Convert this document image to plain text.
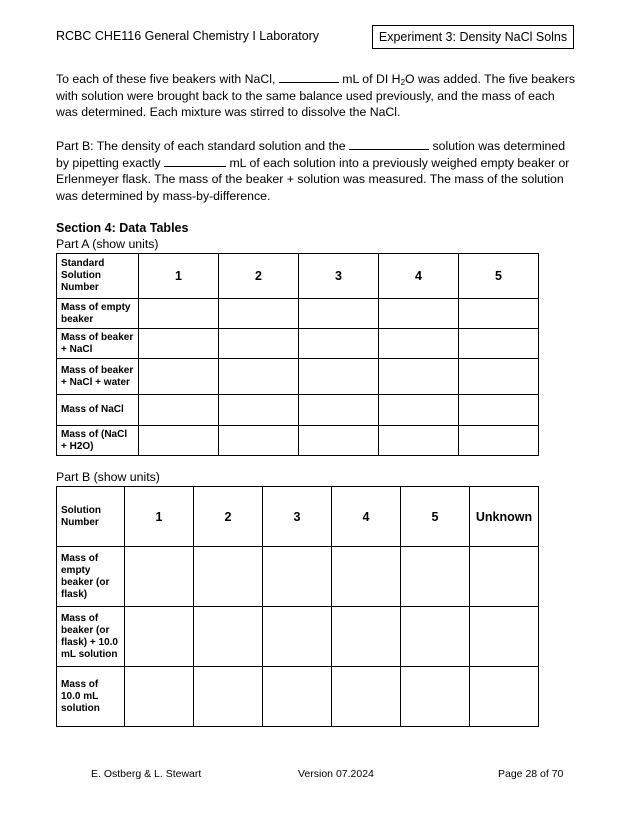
RCBC CHE116 General Chemistry I Laboratory	Experiment 3: Density NaCl Solns
To each of these five beakers with NaCl,	mL of DI $H_2O$ was added. The five beakers with solution were brought back to the same balance used previously, and the mass of each was determined. Each mixture was stirred to dissolve the NaCl.
Part B: The density of each standard solution and the	solution was determined by pipetting exactly	mL of each solution into a previously weighed empty beaker or Erlenmeyer flask. The mass of the beaker + solution was measured. The mass of the solution was determined by mass-by-difference.
Section 4: Data Tables
Part A (show units)
Standard Solution Number	1	2	3	4	5
Mass of empty beaker					
Mass of beaker + NaCl					
Mass of beaker + NaCl + water					
Mass of NaCl					
Mass of (NaCl + H2O)					
Part B (show units)
Solution Number	1	2	3	4	5	Unknown
Mass of empty beaker (or flask)						
Mass of beaker (or flask) + 10.0 mL solution						
Mass of 10.0 mL solution						
E. Ostberg & L. Stewart	Version 07.2024	Page 28 of 70
